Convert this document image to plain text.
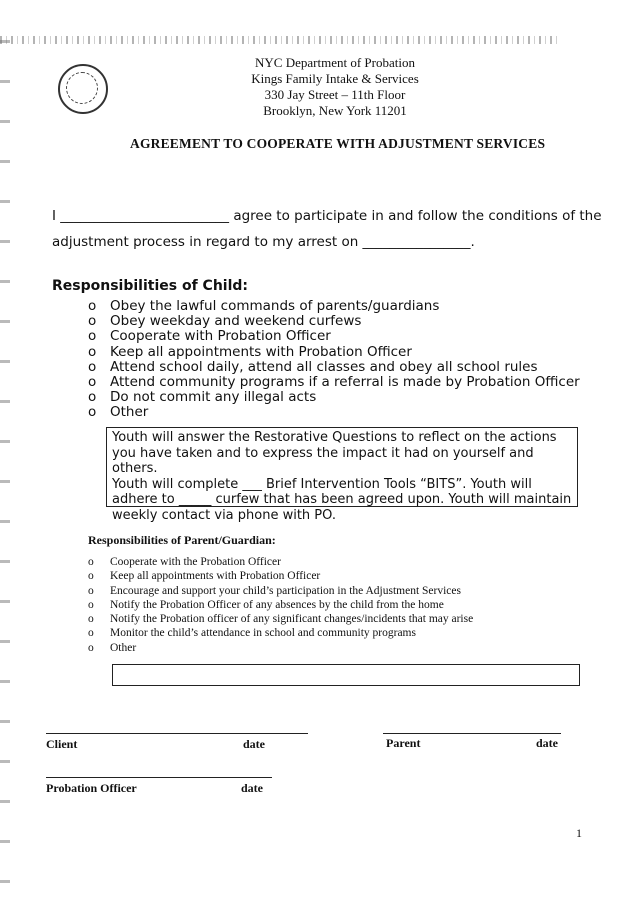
NYC Department of Probation
Kings Family Intake & Services
330 Jay Street – 11th Floor
Brooklyn, New York 11201
AGREEMENT TO COOPERATE WITH ADJUSTMENT SERVICES
I _________________________ agree to participate in and follow the conditions of the
adjustment process in regard to my arrest on ________________.
Responsibilities of Child:
o	Obey the lawful commands of parents/guardians
o	Obey weekday and weekend curfews
o	Cooperate with Probation Officer
o	Keep all appointments with Probation Officer
o	Attend school daily, attend all classes and obey all school rules
o	Attend community programs if a referral is made by Probation Officer
o	Do not commit any illegal acts
o	Other
Youth will answer the Restorative Questions to reflect on the actions
you have taken and to express the impact it had on yourself and others.
Youth will complete ___ Brief Intervention Tools “BITS”. Youth will
adhere to _____ curfew that has been agreed upon. Youth will maintain
weekly contact via phone with PO.
Responsibilities of Parent/Guardian:
o	Cooperate with the Probation Officer
o	Keep all appointments with Probation Officer
o	Encourage and support your child’s participation in the Adjustment Services
o	Notify the Probation Officer of any absences by the child from the home
o	Notify the Probation officer of any significant changes/incidents that may arise
o	Monitor the child’s attendance in school and community programs
o	Other
Client	date	Parent	date
Probation Officer	date
1
